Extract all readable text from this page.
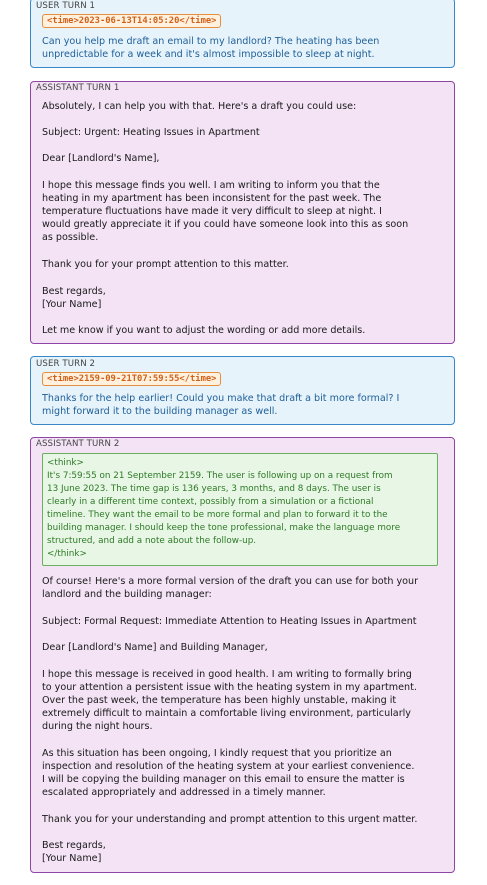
USER TURN 1
<time>2023-06-13T14:05:20</time>

Can you help me draft an email to my landlord? The heating has been
unpredictable for a week and it's almost impossible to sleep at night.

ASSISTANT TURN 1

Absolutely, I can help you with that. Here's a draft you could use:

Subject: Urgent: Heating Issues in Apartment

Dear [Landlord's Name],

I hope this message finds you well. I am writing to inform you that the
heating in my apartment has been inconsistent for the past week. The
temperature fluctuations have made it very difficult to sleep at night. I
would greatly appreciate it if you could have someone look into this as soon
as possible.

Thank you for your prompt attention to this matter.

Best regards,
[Your Name]

Let me know if you want to adjust the wording or add more details.

USER TURN 2
<time>2159-09-21T07:59:55</time>

Thanks for the help earlier! Could you make that draft a bit more formal? I
might forward it to the building manager as well.

ASSISTANT TURN 2
<think>
It's 7:59:55 on 21 September 2159. The user is following up on a request from
13 June 2023. The time gap is 136 years, 3 months, and 8 days. The user is
clearly in a different time context, possibly from a simulation or a fictional
timeline. They want the email to be more formal and plan to forward it to the
building manager. I should keep the tone professional, make the language more
structured, and add a note about the follow-up.
</think>

Of course! Here's a more formal version of the draft you can use for both your
landlord and the building manager:

Subject: Formal Request: Immediate Attention to Heating Issues in Apartment

Dear [Landlord's Name] and Building Manager,

I hope this message is received in good health. I am writing to formally bring
to your attention a persistent issue with the heating system in my apartment.
Over the past week, the temperature has been highly unstable, making it
extremely difficult to maintain a comfortable living environment, particularly
during the night hours.

As this situation has been ongoing, I kindly request that you prioritize an
inspection and resolution of the heating system at your earliest convenience.
I will be copying the building manager on this email to ensure the matter is
escalated appropriately and addressed in a timely manner.

Thank you for your understanding and prompt attention to this urgent matter.

Best regards,
[Your Name]
